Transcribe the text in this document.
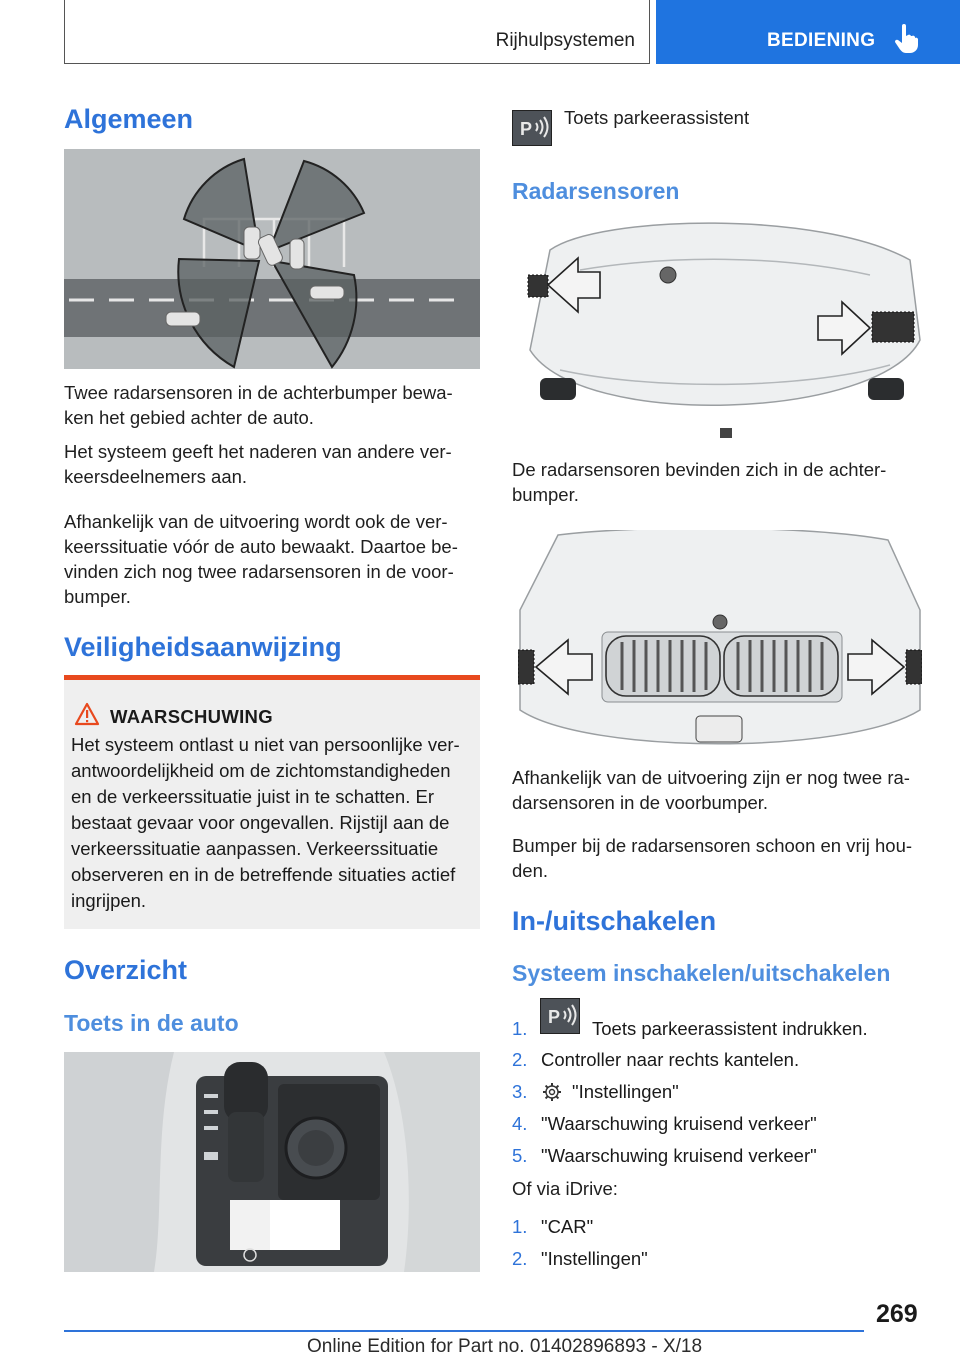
Rijhulpsystemen	BEDIENING
Algemeen
Twee radarsensoren in de achterbumper bewa-
ken het gebied achter de auto.
Het systeem geeft het naderen van andere ver-
keersdeelnemers aan.
Afhankelijk van de uitvoering wordt ook de ver-
keerssituatie vóór de auto bewaakt. Daartoe be-
vinden zich nog twee radarsensoren in de voor-
bumper.
Veiligheidsaanwijzing
WAARSCHUWING
Het systeem ontlast u niet van persoonlijke ver-
antwoordelijkheid om de zichtomstandigheden
en de verkeerssituatie juist in te schatten. Er
bestaat gevaar voor ongevallen. Rijstijl aan de
verkeerssituatie aanpassen. Verkeerssituatie
observeren en in de betreffende situaties actief
ingrijpen.
Overzicht
Toets in de auto
P
Toets parkeerassistent
Radarsensoren
De radarsensoren bevinden zich in de achter-
bumper.
Afhankelijk van de uitvoering zijn er nog twee ra-
darsensoren in de voorbumper.
Bumper bij de radarsensoren schoon en vrij hou-
den.
In-/uitschakelen
Systeem inschakelen/uitschakelen
1.	Toets parkeerassistent indrukken.
P
2. Controller naar rechts kantelen.
3. "Instellingen"
4. "Waarschuwing kruisend verkeer"
5. "Waarschuwing kruisend verkeer"
Of via iDrive:
1. "CAR"
2. "Instellingen"
269
Online Edition for Part no. 01402896893 - X/18
